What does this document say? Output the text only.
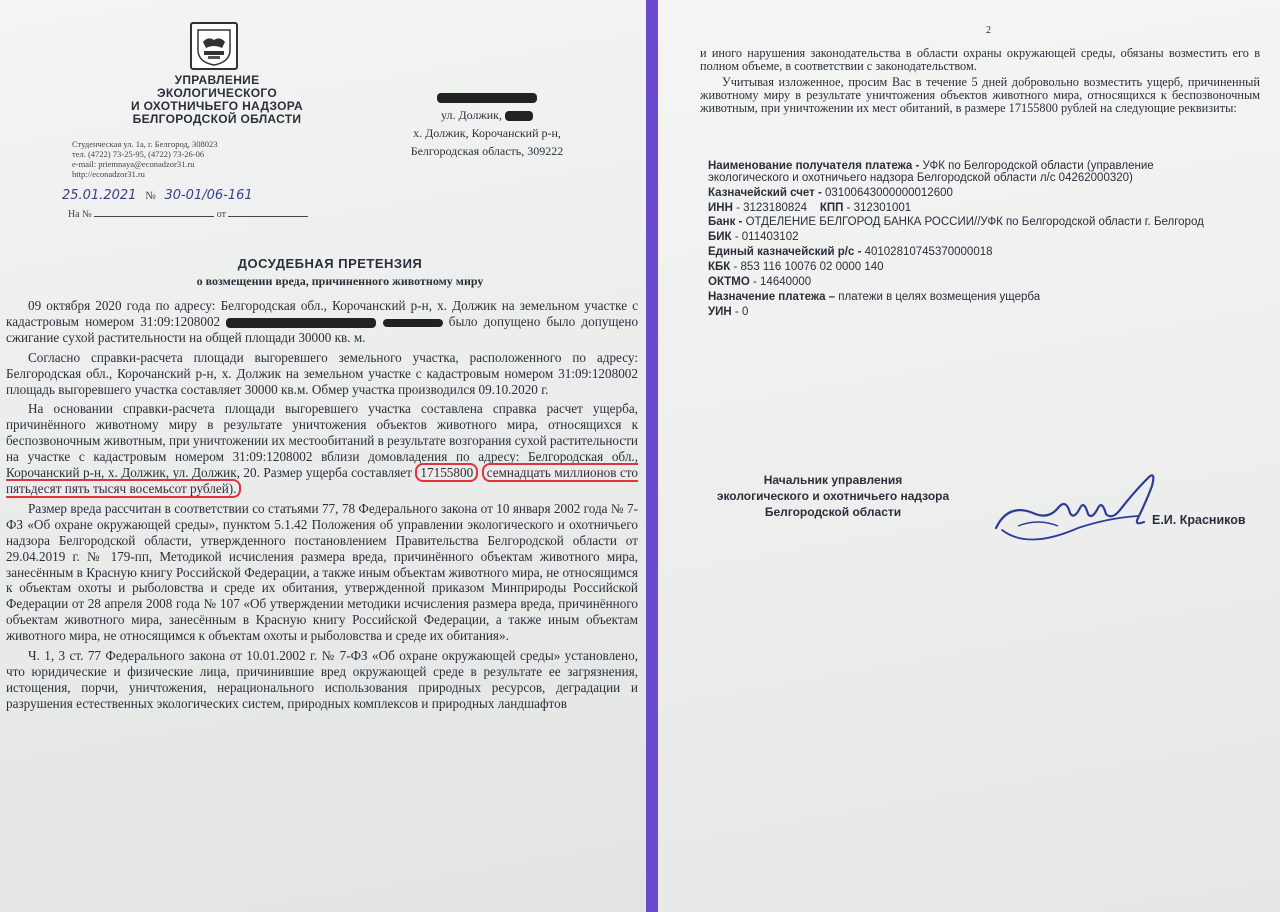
УПРАВЛЕНИЕ
ЭКОЛОГИЧЕСКОГО
И ОХОТНИЧЬЕГО НАДЗОРА
БЕЛГОРОДСКОЙ ОБЛАСТИ
Студенческая ул. 1а, г. Белгород, 308023
тел. (4722) 73-25-95, (4722) 73-26-06
e-mail: priemnaya@econadzor31.ru
http://econadzor31.ru
25.01.2021 № 30-01/06-161
На №	от
ул. Должик,
х. Должик, Корочанский р-н,
Белгородская область, 309222
ДОСУДЕБНАЯ ПРЕТЕНЗИЯ
о возмещении вреда, причиненного животному миру

09 октября 2020 года по адресу: Белгородская обл., Корочанский р-н, х. Должик на земельном участке с кадастровым номером 31:09:1208002	было допущено было допущено сжигание сухой растительности на общей площади 30000 кв. м.

Согласно справки-расчета площади выгоревшего земельного участка, расположенного по адресу: Белгородская обл., Корочанский р-н, х. Должик на земельном участке с кадастровым номером 31:09:1208002 площадь выгоревшего участка составляет 30000 кв.м. Обмер участка производился 09.10.2020 г.

На основании справки-расчета площади выгоревшего участка составлена справка расчет ущерба, причинённого животному миру в результате уничтожения объектов животного мира, относящихся к беспозвоночным животным, при уничтожении их местообитаний в результате возгорания сухой растительности на участке с кадастровым номером 31:09:1208002 вблизи домовладения по адресу: Белгородская обл., Корочанский р-н, х. Должик, ул. Должик, 20. Размер ущерба составляет 17155800 семнадцать миллионов сто пятьдесят пять тысяч восемьсот рублей).

Размер вреда рассчитан в соответствии со статьями 77, 78 Федерального закона от 10 января 2002 года № 7-ФЗ «Об охране окружающей среды», пунктом 5.1.42 Положения об управлении экологического и охотничьего надзора Белгородской области, утвержденного постановлением Правительства Белгородской области от 29.04.2019 г. № 179-пп, Методикой исчисления размера вреда, причинённого объектам животного мира, занесённым в Красную книгу Российской Федерации, а также иным объектам животного мира, не относящимся к объектам охоты и рыболовства и среде их обитания, утвержденной приказом Минприроды Российской Федерации от 28 апреля 2008 года № 107 «Об утверждении методики исчисления размера вреда, причинённого объектам животного мира, занесённым в Красную книгу Российской Федерации, а также иным объектам животного мира, не относящимся к объектам охоты и рыболовства и среде их обитания».

Ч. 1, 3 ст. 77 Федерального закона от 10.01.2002 г. № 7-ФЗ «Об охране окружающей среды» установлено, что юридические и физические лица, причинившие вред окружающей среде в результате ее загрязнения, истощения, порчи, уничтожения, нерационального использования природных ресурсов, деградации и разрушения естественных экологических систем, природных комплексов и природных ландшафтов

2

и иного нарушения законодательства в области охраны окружающей среды, обязаны возместить его в полном объеме, в соответствии с законодательством.

Учитывая изложенное, просим Вас в течение 5 дней добровольно возместить ущерб, причиненный животному миру в результате уничтожения объектов животного мира, относящихся к беспозвоночным животным, при уничтожении их мест обитаний, в размере 17155800 рублей на следующие реквизиты:

Наименование получателя платежа - УФК по Белгородской области (управление экологического и охотничьего надзора Белгородской области л/с 04262000320)
Казначейский счет - 03100643000000012600
ИНН - 3123180824 КПП - 312301001
Банк - ОТДЕЛЕНИЕ БЕЛГОРОД БАНКА РОССИИ//УФК по Белгородской области г. Белгород
БИК - 011403102
Единый казначейский р/с - 40102810745370000018
КБК - 853 116 10076 02 0000 140
ОКТМО - 14640000
Назначение платежа – платежи в целях возмещения ущерба
УИН - 0
Начальник управления
экологического и охотничьего надзора
Белгородской области
Е.И. Красников
